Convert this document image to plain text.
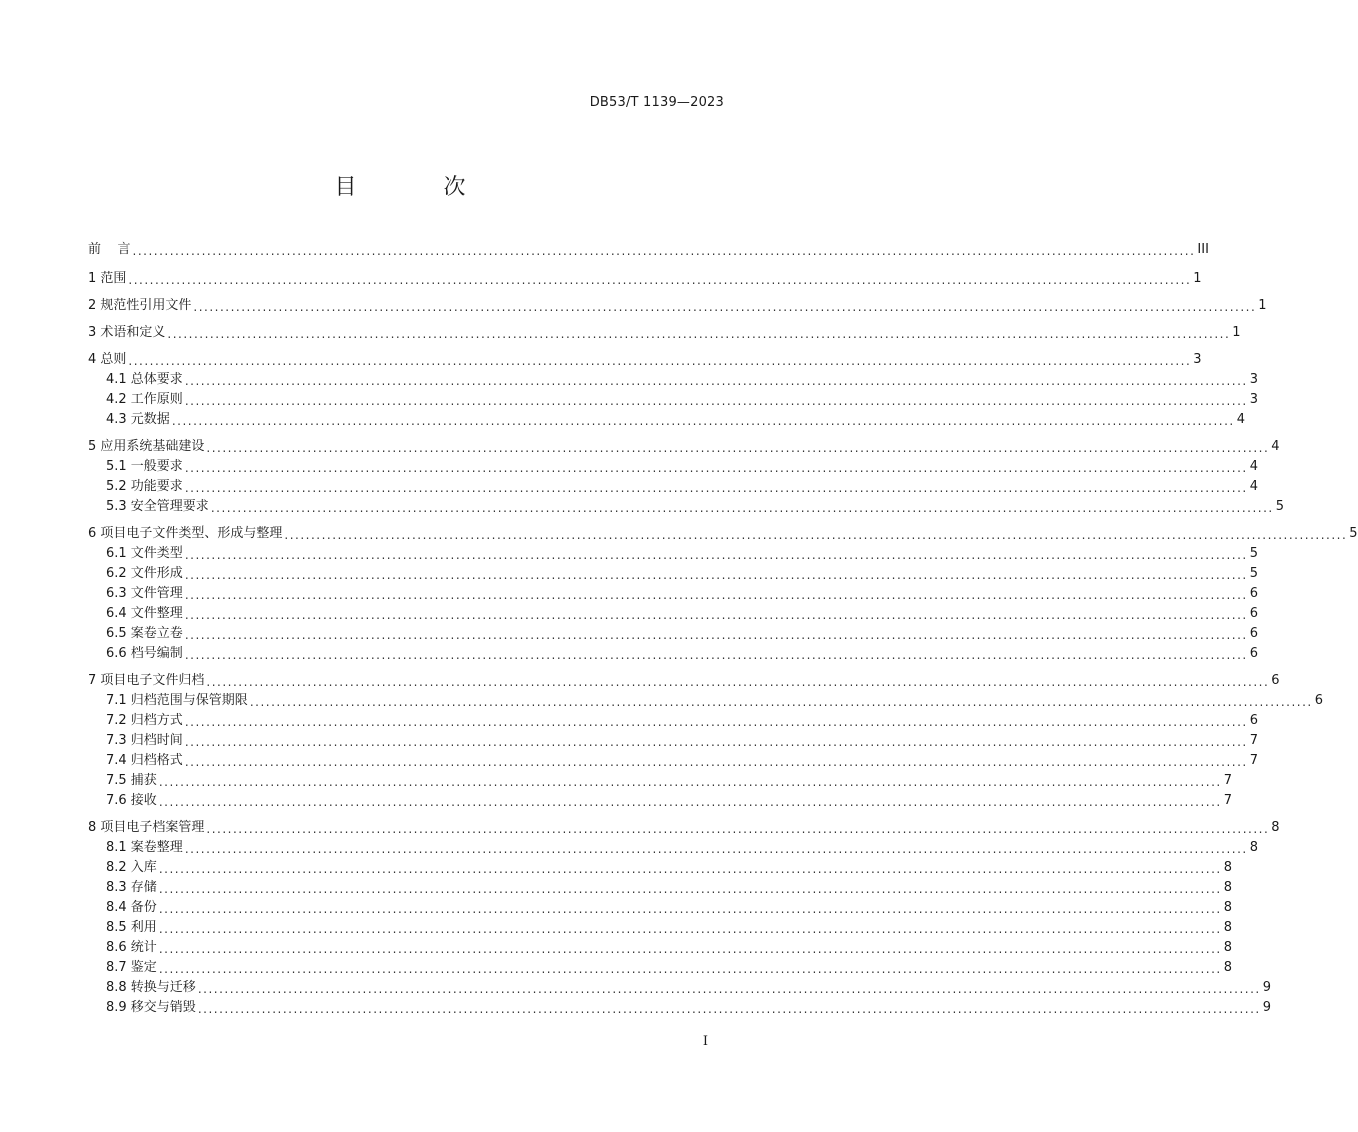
DB53/T 1139—2023
目 次
前    言 ........................................................................................................................................................................................................ III
1 范围 ........................................................................................................................................................................................................ 1
2 规范性引用文件 ........................................................................................................................................................................................................ 1
3 术语和定义 ........................................................................................................................................................................................................ 1
4 总则 ........................................................................................................................................................................................................ 3
4.1 总体要求 ........................................................................................................................................................................................................ 3
4.2 工作原则 ........................................................................................................................................................................................................ 3
4.3 元数据 ........................................................................................................................................................................................................ 4
5 应用系统基础建设 ........................................................................................................................................................................................................ 4
5.1 一般要求 ........................................................................................................................................................................................................ 4
5.2 功能要求 ........................................................................................................................................................................................................ 4
5.3 安全管理要求 ........................................................................................................................................................................................................ 5
6 项目电子文件类型、形成与整理 ........................................................................................................................................................................................................ 5
6.1 文件类型 ........................................................................................................................................................................................................ 5
6.2 文件形成 ........................................................................................................................................................................................................ 5
6.3 文件管理 ........................................................................................................................................................................................................ 6
6.4 文件整理 ........................................................................................................................................................................................................ 6
6.5 案卷立卷 ........................................................................................................................................................................................................ 6
6.6 档号编制 ........................................................................................................................................................................................................ 6
7 项目电子文件归档 ........................................................................................................................................................................................................ 6
7.1 归档范围与保管期限 ........................................................................................................................................................................................................ 6
7.2 归档方式 ........................................................................................................................................................................................................ 6
7.3 归档时间 ........................................................................................................................................................................................................ 7
7.4 归档格式 ........................................................................................................................................................................................................ 7
7.5 捕获 ........................................................................................................................................................................................................ 7
7.6 接收 ........................................................................................................................................................................................................ 7
8 项目电子档案管理 ........................................................................................................................................................................................................ 8
8.1 案卷整理 ........................................................................................................................................................................................................ 8
8.2 入库 ........................................................................................................................................................................................................ 8
8.3 存储 ........................................................................................................................................................................................................ 8
8.4 备份 ........................................................................................................................................................................................................ 8
8.5 利用 ........................................................................................................................................................................................................ 8
8.6 统计 ........................................................................................................................................................................................................ 8
8.7 鉴定 ........................................................................................................................................................................................................ 8
8.8 转换与迁移 ........................................................................................................................................................................................................ 9
8.9 移交与销毁 ........................................................................................................................................................................................................ 9
I
